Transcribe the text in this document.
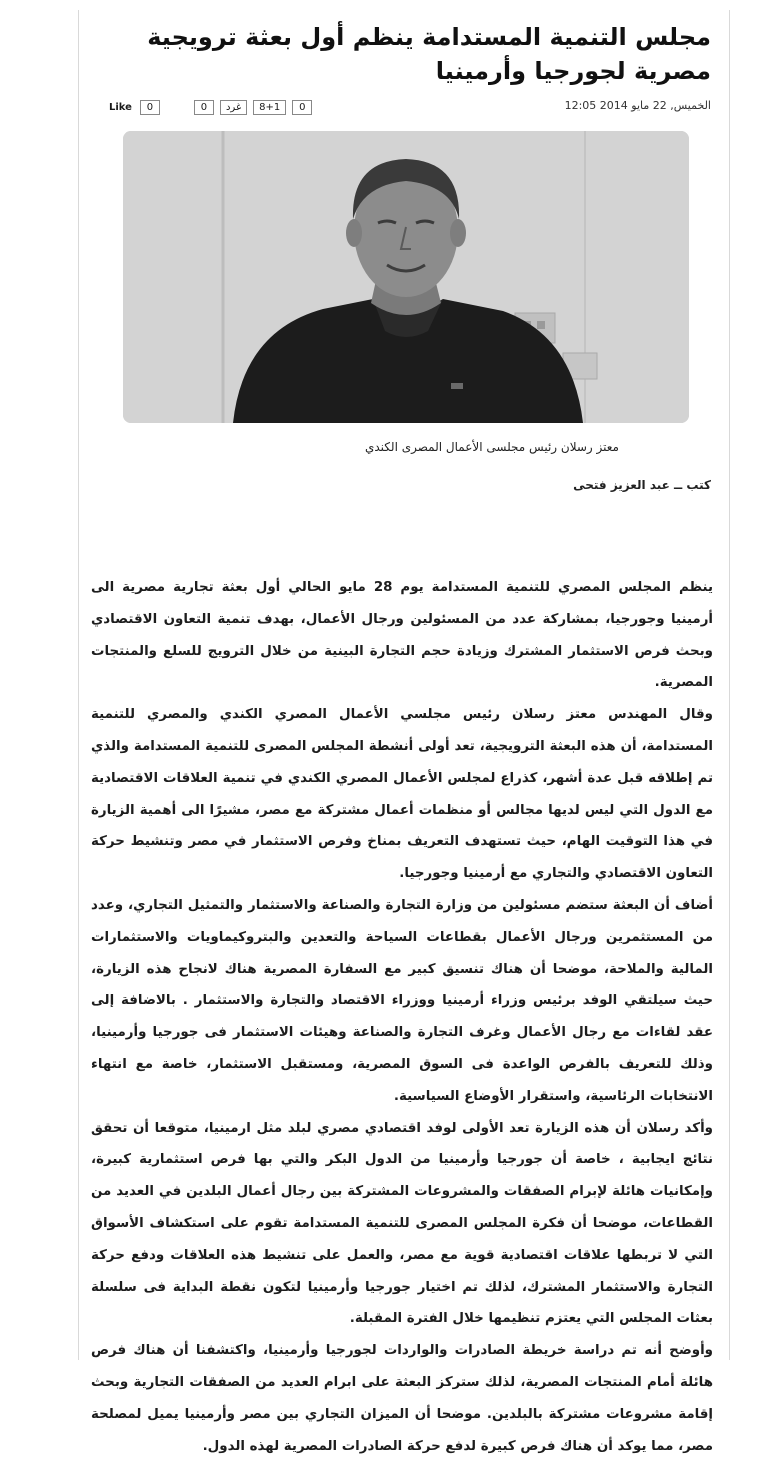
مجلس التنمية المستدامة ينظم أول بعثة ترويجية مصرية لجورجيا وأرمينيا
Like	0	0	غرد	8+1	0	الخميس, 22 مايو 2014 12:05
معتز رسلان رئيس مجلسى الأعمال المصرى الكندي
كتب ــ عبد العزيز فتحى

ينظم المجلس المصري للتنمية المستدامة يوم 28 مايو الحالي أول بعثة تجارية مصرية الى أرمينيا وجورجيا، بمشاركة عدد من المسئولين ورجال الأعمال، بهدف تنمية التعاون الاقتصادي وبحث فرص الاستثمار المشترك وزيادة حجم التجارة البينية من خلال الترويج للسلع والمنتجات المصرية.

وقال المهندس معتز رسلان رئيس مجلسي الأعمال المصري الكندي والمصري للتنمية المستدامة، أن هذه البعثة الترويجية، تعد أولى أنشطة المجلس المصرى للتنمية المستدامة والذي تم إطلاقه قبل عدة أشهر، كذراع لمجلس الأعمال المصري الكندي في تنمية العلاقات الاقتصادية مع الدول التي ليس لديها مجالس أو منظمات أعمال مشتركة مع مصر، مشيرًا الى أهمية الزيارة في هذا التوقيت الهام، حيث تستهدف التعريف بمناخ وفرص الاستثمار في مصر وتنشيط حركة التعاون الاقتصادي والتجاري مع أرمينيا وجورجيا.

أضاف أن البعثة ستضم مسئولين من وزارة التجارة والصناعة والاستثمار والتمثيل التجاري، وعدد من المستثمرين ورجال الأعمال بقطاعات السياحة والتعدين والبتروكيماويات والاستثمارات المالية والملاحة، موضحا أن هناك تنسيق كبير مع السفارة المصرية هناك لانجاح هذه الزيارة، حيث سيلتقي الوفد برئيس وزراء أرمينيا ووزراء الاقتصاد والتجارة والاستثمار . بالاضافة إلى عقد لقاءات مع رجال الأعمال وغرف التجارة والصناعة وهيئات الاستثمار فى جورجيا وأرمينيا، وذلك للتعريف بالفرص الواعدة فى السوق المصرية، ومستقبل الاستثمار، خاصة مع انتهاء الانتخابات الرئاسية، واستقرار الأوضاع السياسية.

وأكد رسلان أن هذه الزيارة تعد الأولى لوفد اقتصادي مصري لبلد مثل ارمينيا، متوقعا أن تحقق نتائج ايجابية ، خاصة أن جورجيا وأرمينيا من الدول البكر والتي بها فرص استثمارية كبيرة، وإمكانيات هائلة لإبرام الصفقات والمشروعات المشتركة بين رجال أعمال البلدين في العديد من القطاعات، موضحا أن فكرة المجلس المصرى للتنمية المستدامة تقوم على استكشاف الأسواق التي لا تربطها علاقات اقتصادية قوية مع مصر، والعمل على تنشيط هذه العلاقات ودفع حركة التجارة والاستثمار المشترك، لذلك تم اختيار جورجيا وأرمينيا لتكون نقطة البداية فى سلسلة بعثات المجلس التي يعتزم تنظيمها خلال الفترة المقبلة.

وأوضح أنه تم دراسة خريطة الصادرات والواردات لجورجيا وأرمينيا، واكتشفنا أن هناك فرص هائلة أمام المنتجات المصرية، لذلك ستركز البعثة على ابرام العديد من الصفقات التجارية وبحث إقامة مشروعات مشتركة بالبلدين. موضحا أن الميزان التجاري بين مصر وأرمينيا يميل لمصلحة مصر، مما يوكد أن هناك فرص كبيرة لدفع حركة الصادرات المصرية لهذه الدول.
